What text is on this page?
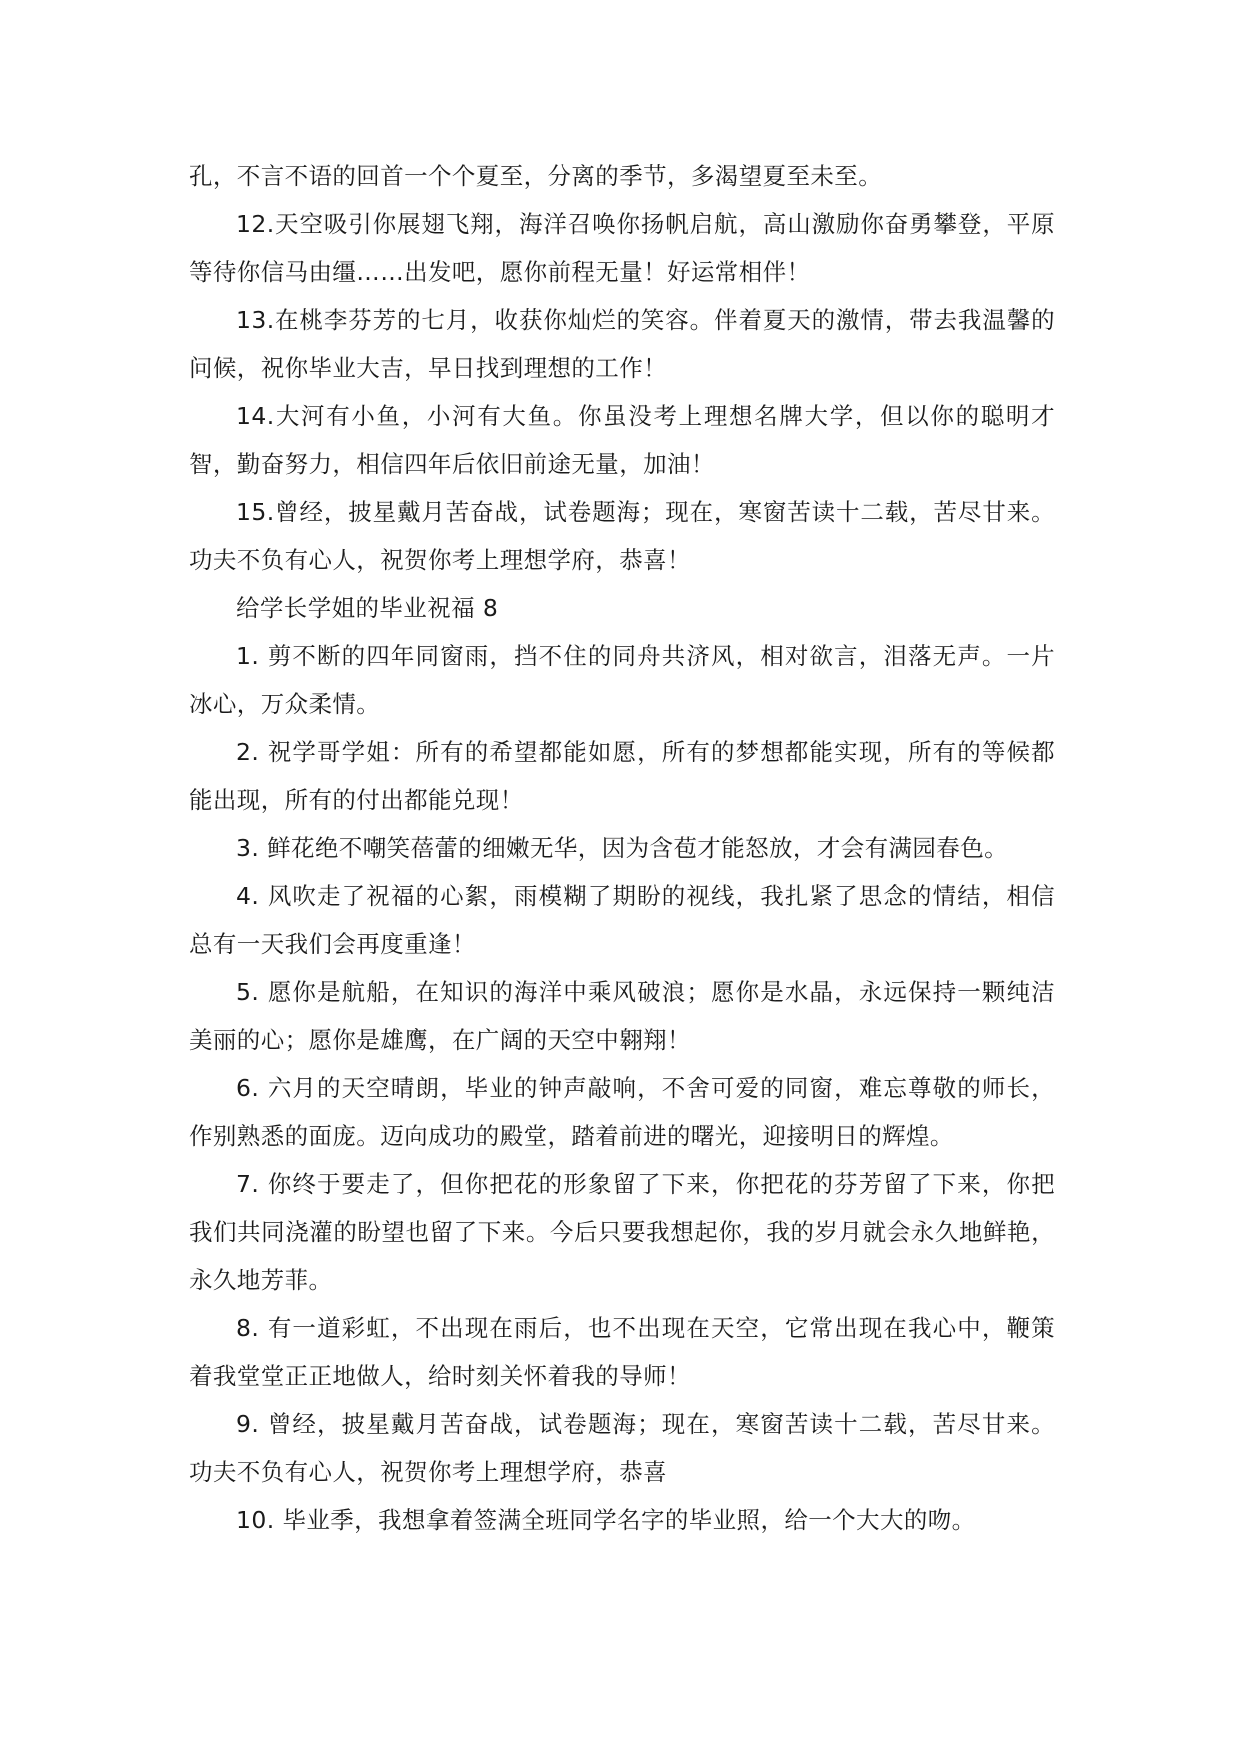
孔，不言不语的回首一个个夏至，分离的季节，多渴望夏至未至。

12.天空吸引你展翅飞翔，海洋召唤你扬帆启航，高山激励你奋勇攀登，平原等待你信马由缰……出发吧，愿你前程无量！好运常相伴！

13.在桃李芬芳的七月，收获你灿烂的笑容。伴着夏天的激情，带去我温馨的问候，祝你毕业大吉，早日找到理想的工作！

14.大河有小鱼，小河有大鱼。你虽没考上理想名牌大学，但以你的聪明才智，勤奋努力，相信四年后依旧前途无量，加油！

15.曾经，披星戴月苦奋战，试卷题海；现在，寒窗苦读十二载，苦尽甘来。功夫不负有心人，祝贺你考上理想学府，恭喜！

给学长学姐的毕业祝福 8

1. 剪不断的四年同窗雨，挡不住的同舟共济风，相对欲言，泪落无声。一片冰心，万众柔情。

2. 祝学哥学姐：所有的希望都能如愿，所有的梦想都能实现，所有的等候都能出现，所有的付出都能兑现！

3. 鲜花绝不嘲笑蓓蕾的细嫩无华，因为含苞才能怒放，才会有满园春色。

4. 风吹走了祝福的心絮，雨模糊了期盼的视线，我扎紧了思念的情结，相信总有一天我们会再度重逢！

5. 愿你是航船，在知识的海洋中乘风破浪；愿你是水晶，永远保持一颗纯洁美丽的心；愿你是雄鹰，在广阔的天空中翱翔！

6. 六月的天空晴朗，毕业的钟声敲响，不舍可爱的同窗，难忘尊敬的师长，作别熟悉的面庞。迈向成功的殿堂，踏着前进的曙光，迎接明日的辉煌。

7. 你终于要走了，但你把花的形象留了下来，你把花的芬芳留了下来，你把我们共同浇灌的盼望也留了下来。今后只要我想起你，我的岁月就会永久地鲜艳，永久地芳菲。

8. 有一道彩虹，不出现在雨后，也不出现在天空，它常出现在我心中，鞭策着我堂堂正正地做人，给时刻关怀着我的导师！

9. 曾经，披星戴月苦奋战，试卷题海；现在，寒窗苦读十二载，苦尽甘来。功夫不负有心人，祝贺你考上理想学府，恭喜

10. 毕业季，我想拿着签满全班同学名字的毕业照，给一个大大的吻。
